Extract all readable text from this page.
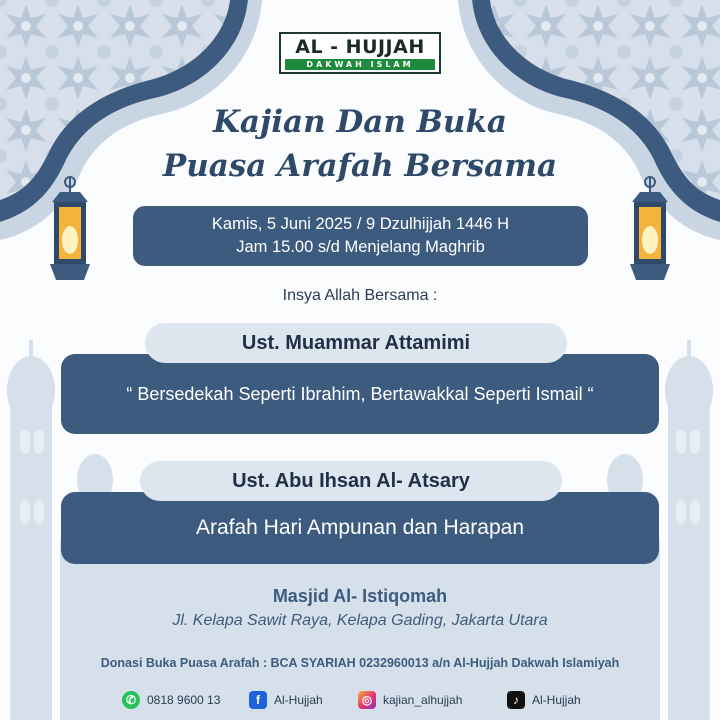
AL - HUJJAH
DAKWAH ISLAM
Kajian Dan Buka
Puasa Arafah Bersama
Kamis, 5 Juni 2025 / 9 Dzulhijjah 1446 H
Jam 15.00 s/d Menjelang Maghrib
Insya Allah Bersama :
Ust. Muammar Attamimi
“ Bersedekah Seperti Ibrahim, Bertawakkal Seperti Ismail “
Ust. Abu Ihsan Al- Atsary
Arafah Hari Ampunan dan Harapan
Masjid Al- Istiqomah
Jl. Kelapa Sawit Raya, Kelapa Gading, Jakarta Utara
Donasi Buka Puasa Arafah : BCA SYARIAH 0232960013 a/n Al-Hujjah Dakwah Islamiyah
✆ 0818 9600 13	f	Al-Hujjah	◎ kajian_alhujjah	♪	Al-Hujjah
